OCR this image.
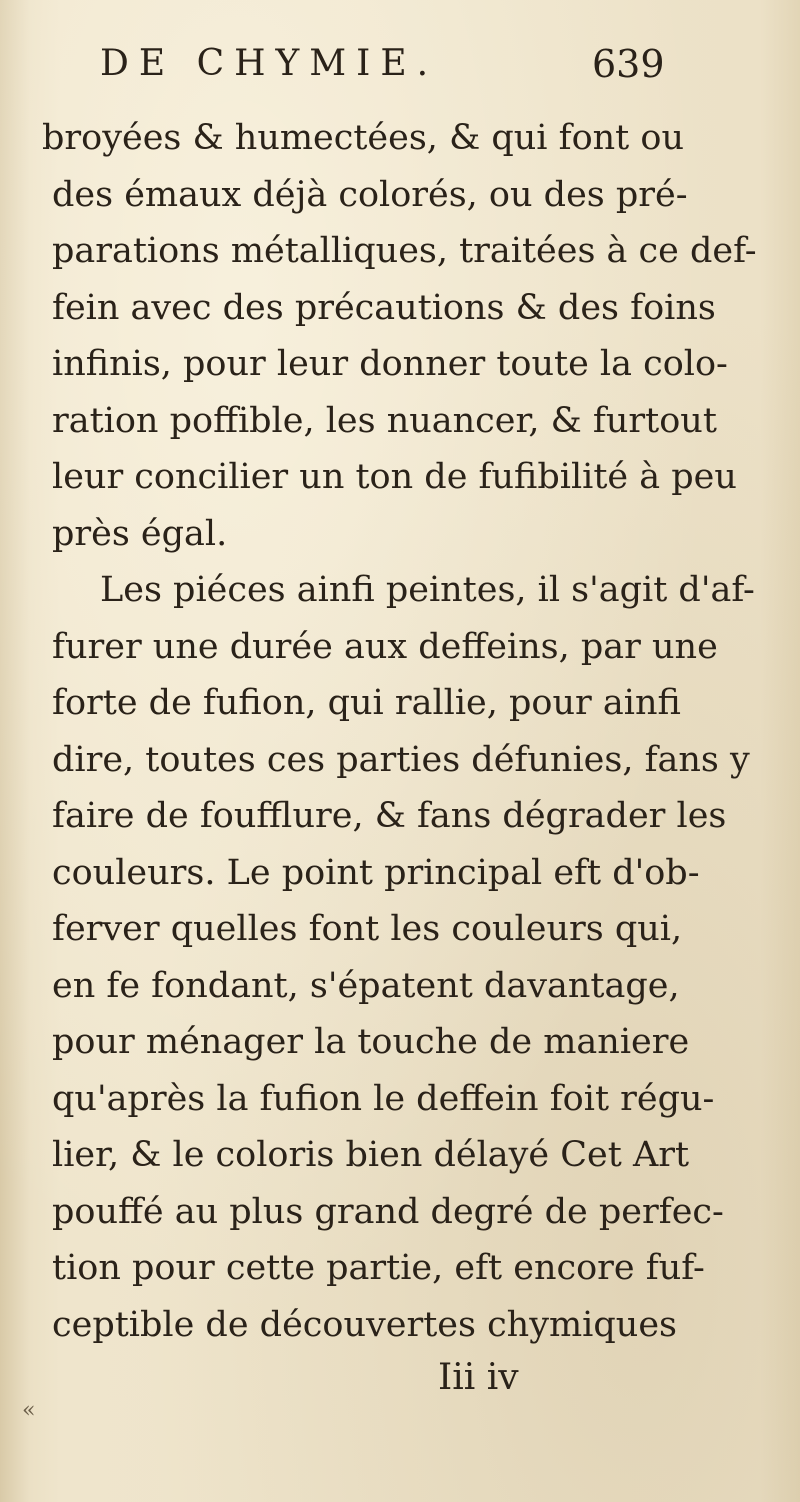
DE CHYMIE.	639
broyées & humectées, & qui font ou
des émaux déjà colorés, ou des pré-
parations métalliques, traitées à ce def-
fein avec des précautions & des foins
infinis, pour leur donner toute la colo-
ration poffible, les nuancer, & furtout
leur concilier un ton de fufibilité à peu
près égal.
Les piéces ainfi peintes, il s'agit d'af-
furer une durée aux deffeins, par une
forte de fufion, qui rallie, pour ainfi
dire, toutes ces parties défunies, fans y
faire de foufflure, & fans dégrader les
couleurs. Le point principal eft d'ob-
ferver quelles font les couleurs qui,
en fe fondant, s'épatent davantage,
pour ménager la touche de maniere
qu'après la fufion le deffein foit régu-
lier, & le coloris bien délayé Cet Art
pouffé au plus grand degré de perfec-
tion pour cette partie, eft encore fuf-
ceptible de découvertes chymiques
Iii iv
«
